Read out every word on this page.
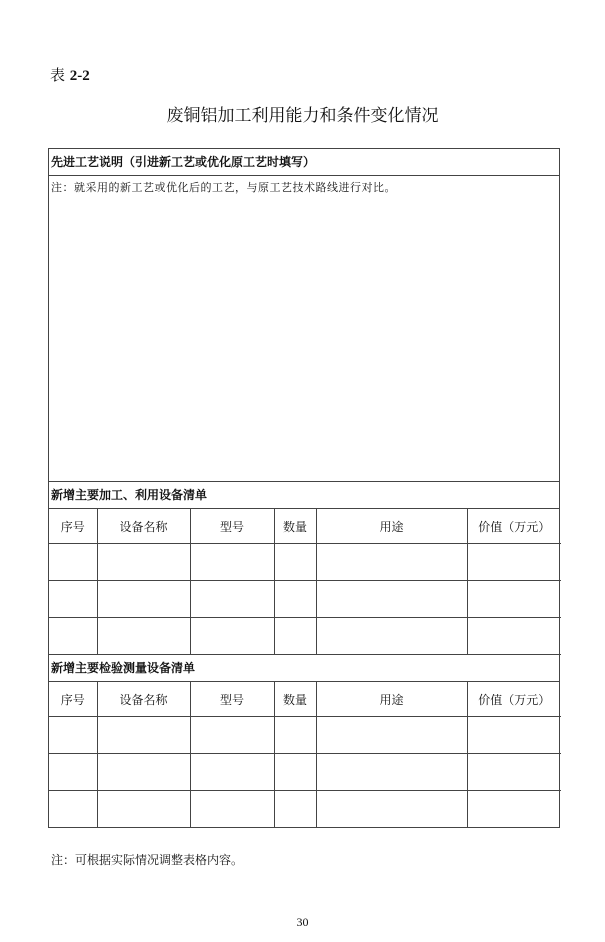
表 2-2
废铜铝加工利用能力和条件变化情况
先进工艺说明（引进新工艺或优化原工艺时填写）
注：就采用的新工艺或优化后的工艺，与原工艺技术路线进行对比。
新增主要加工、利用设备清单
序号	设备名称	型号	数量	用途	价值（万元）

新增主要检验测量设备清单
序号	设备名称	型号	数量	用途	价值（万元）

注：可根据实际情况调整表格内容。
30
